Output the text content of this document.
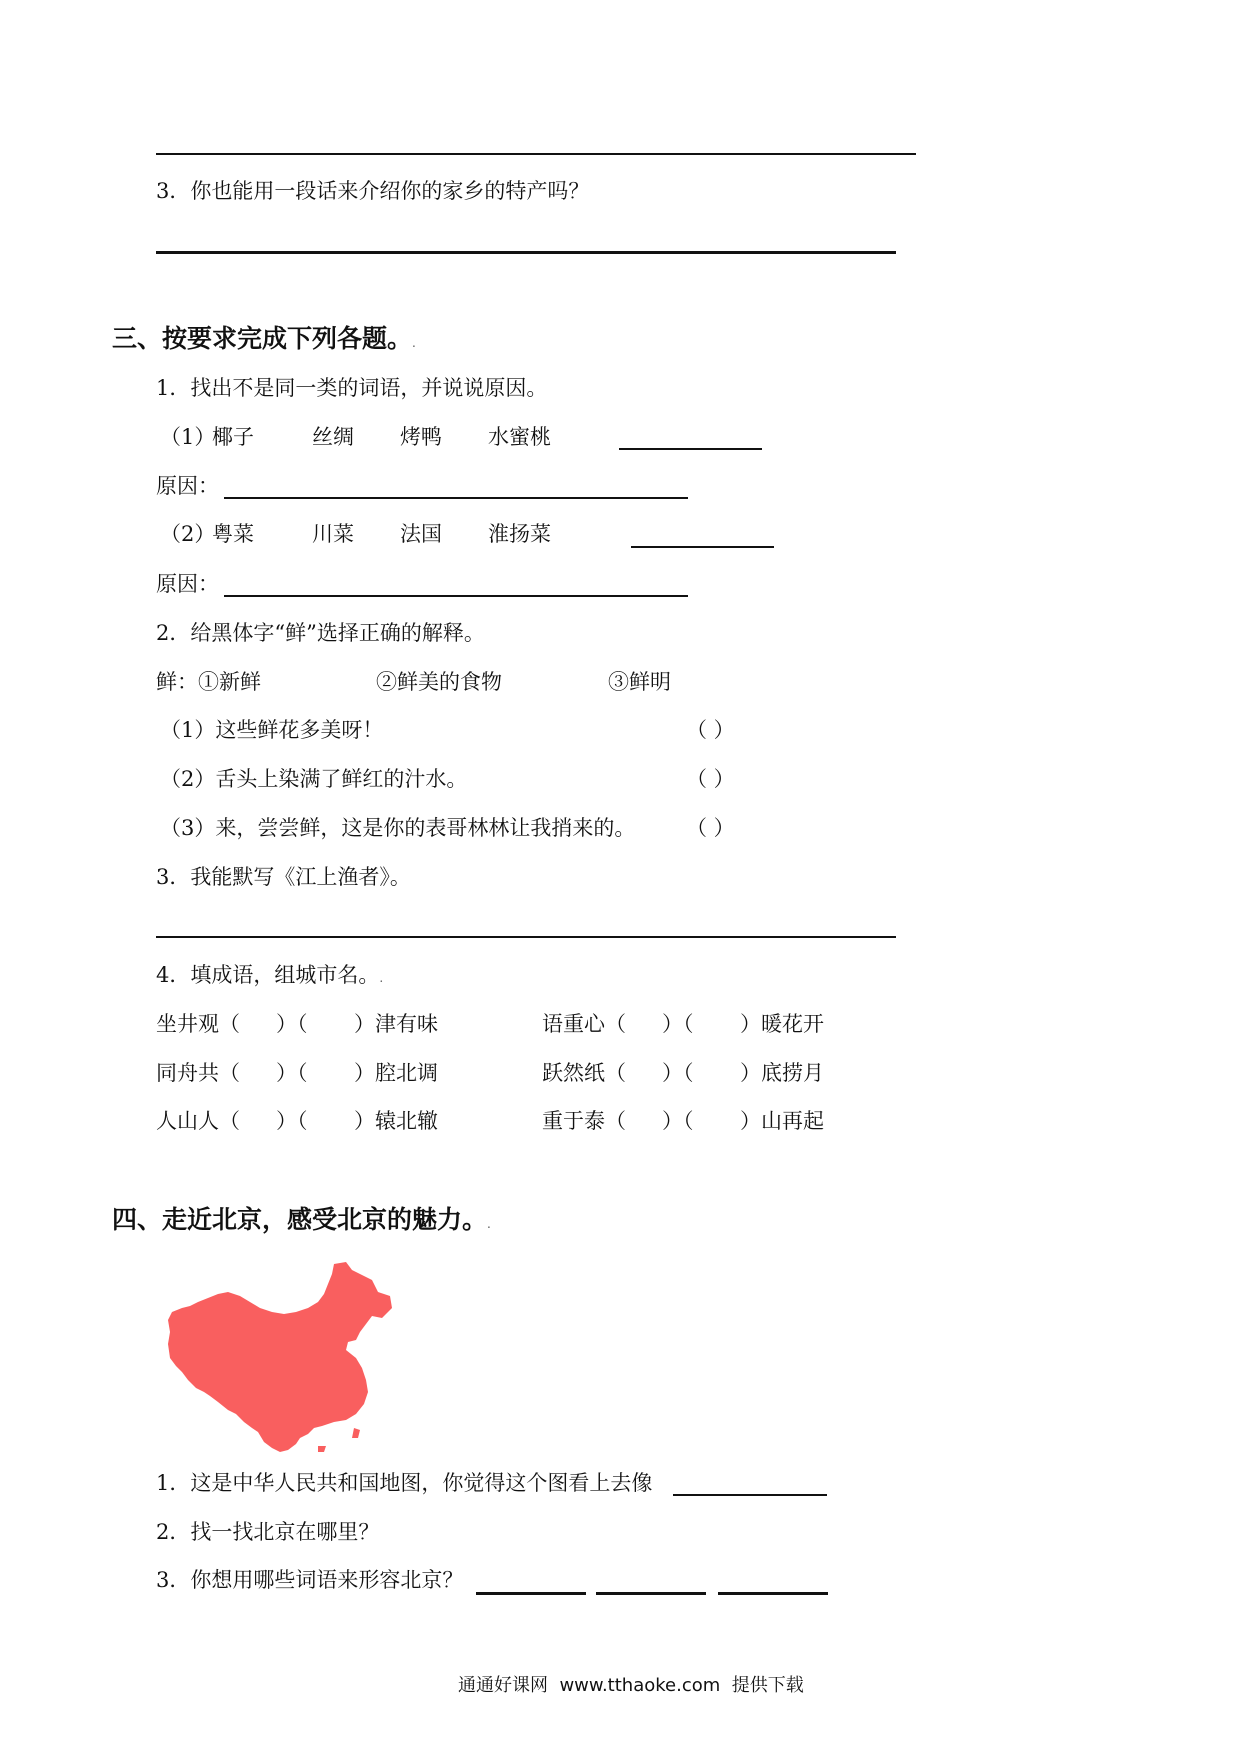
3．你也能用一段话来介绍你的家乡的特产吗？
三、按要求完成下列各题。.
1．找出不是同一类的词语，并说说原因。
（1）
椰子	丝绸 烤鸭 水蜜桃
原因：
（2）
粤菜	川菜 法国 淮扬菜
原因：
2．给黑体字“鲜”选择正确的解释。
鲜： ①新鲜	②鲜美的食物	③鲜明
（1）这些鲜花多美呀！	（ ）
（2）舌头上染满了鲜红的汁水。	（ ）
（3）来，尝尝鲜，这是你的表哥林林让我捎来的。 （ ）
3．我能默写《江上渔者》。
4．填成语，组城市名。.
坐井观（ ）（ ）津有味	语重心（ ）（ ）暖花开
同舟共（ ）（ ）腔北调	跃然纸（ ）（ ）底捞月
人山人（ ）（ ）辕北辙	重于泰（ ）（ ）山再起
四、走近北京，感受北京的魅力。.
1．这是中华人民共和国地图，你觉得这个图看上去像
2．找一找北京在哪里？
3．你想用哪些词语来形容北京？
通通好课网  www.tthaoke.com  提供下载
